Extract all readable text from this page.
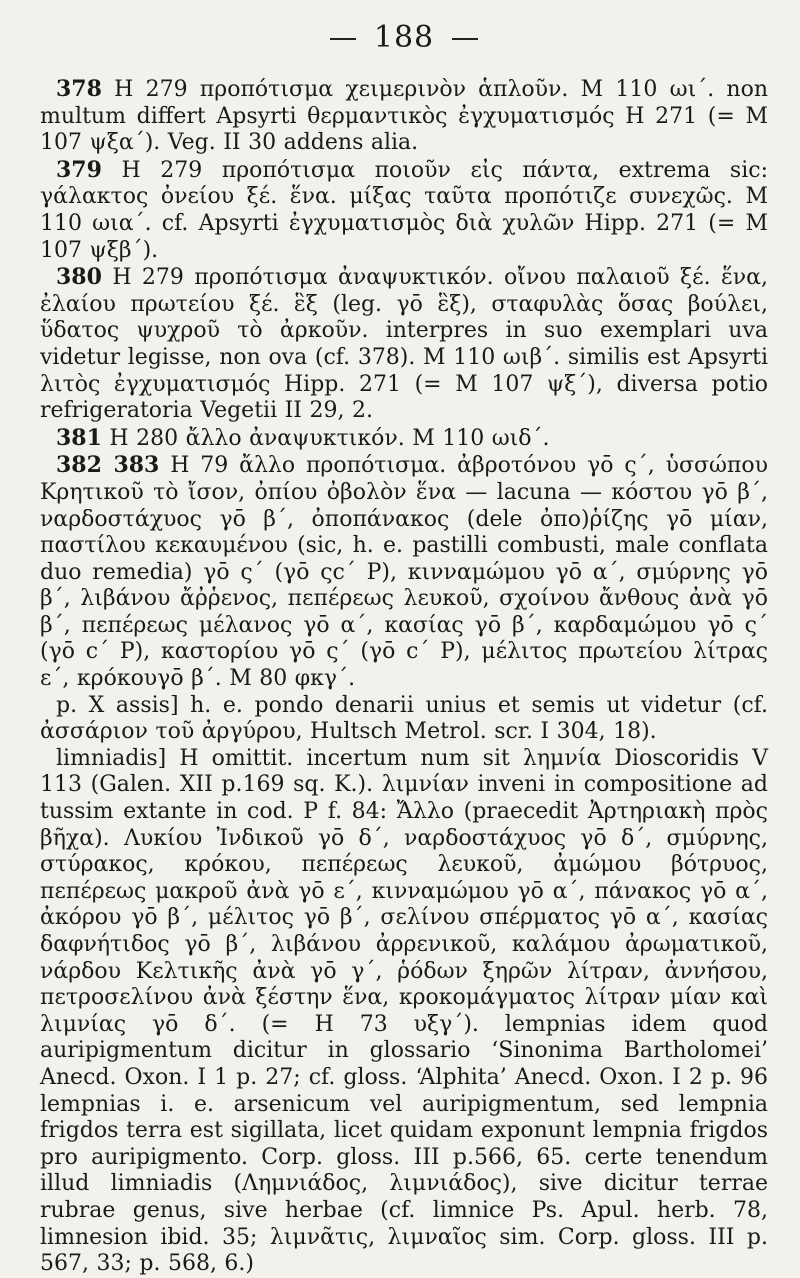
188

378 Η 279 προπότισμα χειμερινὸν ἁπλοῦν. Μ 110 ωι΄. non multum differt Apsyrti θερμαντικὸς ἐγχυματισμός Η 271 (= Μ 107 ψξα΄). Veg. II 30 addens alia.

379 Η 279 προπότισμα ποιοῦν εἰς πάντα, extrema sic: γάλακτος ὀνείου ξέ. ἕνα. μίξας ταῦτα προπότιζε συνεχῶς. Μ 110 ωια΄. cf. Apsyrti ἐγχυματισμὸς διὰ χυλῶν Hipp. 271 (= Μ 107 ψξβ΄).

380 Η 279 προπότισμα ἀναψυκτικόν. οἴνου παλαιοῦ ξέ. ἕνα, ἐλαίου πρωτείου ξέ. ἓξ (leg. γō ἓξ), σταφυλὰς ὅσας βούλει, ὕδατος ψυχροῦ τὸ ἀρκοῦν. interpres in suo exemplari uva videtur legisse, non ova (cf. 378). Μ 110 ωιβ΄. similis est Apsyrti λιτὸς ἐγχυματισμός Hipp. 271 (= Μ 107 ψξ΄), diversa potio refrigeratoria Vegetii II 29, 2.

381 Η 280 ἄλλο ἀναψυκτικόν. Μ 110 ωιδ΄.

382 383 Η 79 ἄλλο προπότισμα. ἀβροτόνου γō ς΄, ὑσσώπου Κρητικοῦ τὸ ἴσον, ὀπίου ὀβολὸν ἕνα — lacuna — κόστου γō β΄, ναρδοστάχυος γō β΄, ὀποπάνακος (dele ὀπο)ῥίζης γō μίαν, παστίλου κεκαυμένου (sic, h. e. pastilli combusti, male conflata duo remedia) γō ς΄ (γō ςc΄ P), κινναμώμου γō α΄, σμύρνης γō β΄, λιβάνου ἄῤῥενος, πεπέρεως λευκοῦ, σχοίνου ἄνθους ἀνὰ γō β΄, πεπέρεως μέλανος γō α΄, κασίας γō β΄, καρδαμώμου γō ς΄ (γō c΄ P), καστορίου γō ς΄ (γō c΄ P), μέλιτος πρωτείου λίτρας ε΄, κρόκουγō β΄. Μ 80 φκγ΄.

p. X assis] h. e. pondo denarii unius et semis ut videtur (cf. ἀσσάριον τοῦ ἀργύρου, Hultsch Metrol. scr. I 304, 18).

limniadis] Η omittit. incertum num sit λημνία Dioscoridis V 113 (Galen. XII p.169 sq. K.). λιμνίαν inveni in compositione ad tussim extante in cod. P f. 84: Ἄλλο (praecedit Ἀρτηριακὴ πρὸς βῆχα). Λυκίου Ἰνδικοῦ γō δ΄, ναρδοστάχυος γō δ΄, σμύρνης, στύρακος, κρόκου, πεπέρεως λευκοῦ, ἀμώμου βότρυος, πεπέρεως μακροῦ ἀνὰ γō ε΄, κινναμώμου γō α΄, πάνακος γō α΄, ἀκόρου γō β΄, μέλιτος γō β΄, σελίνου σπέρματος γō α΄, κασίας δαφνήτιδος γō β΄, λιβάνου ἀρρενικοῦ, καλάμου ἀρωματικοῦ, νάρδου Κελτικῆς ἀνὰ γō γ΄, ῥόδων ξηρῶν λίτραν, ἀννήσου, πετροσελίνου ἀνὰ ξέστην ἕνα, κροκομάγματος λίτραν μίαν καὶ λιμνίας γō δ΄. (= Η 73 υξγ΄). lempnias idem quod auripigmentum dicitur in glossario ‘Sinonima Bartholomei’ Anecd. Oxon. I 1 p. 27; cf. gloss. ‘Alphita’ Anecd. Oxon. I 2 p. 96 lempnias i. e. arsenicum vel auripigmentum, sed lempnia frigdos terra est sigillata, licet quidam exponunt lempnia frigdos pro auripigmento. Corp. gloss. III p.566, 65. certe tenendum illud limniadis (Λημνιάδος, λιμνιάδος), sive dicitur terrae rubrae genus, sive herbae (cf. limnice Ps. Apul. herb. 78, limnesion ibid. 35; λιμνᾶτις, λιμναῖος sim. Corp. gloss. III p. 567, 33; p. 568, 6.)
